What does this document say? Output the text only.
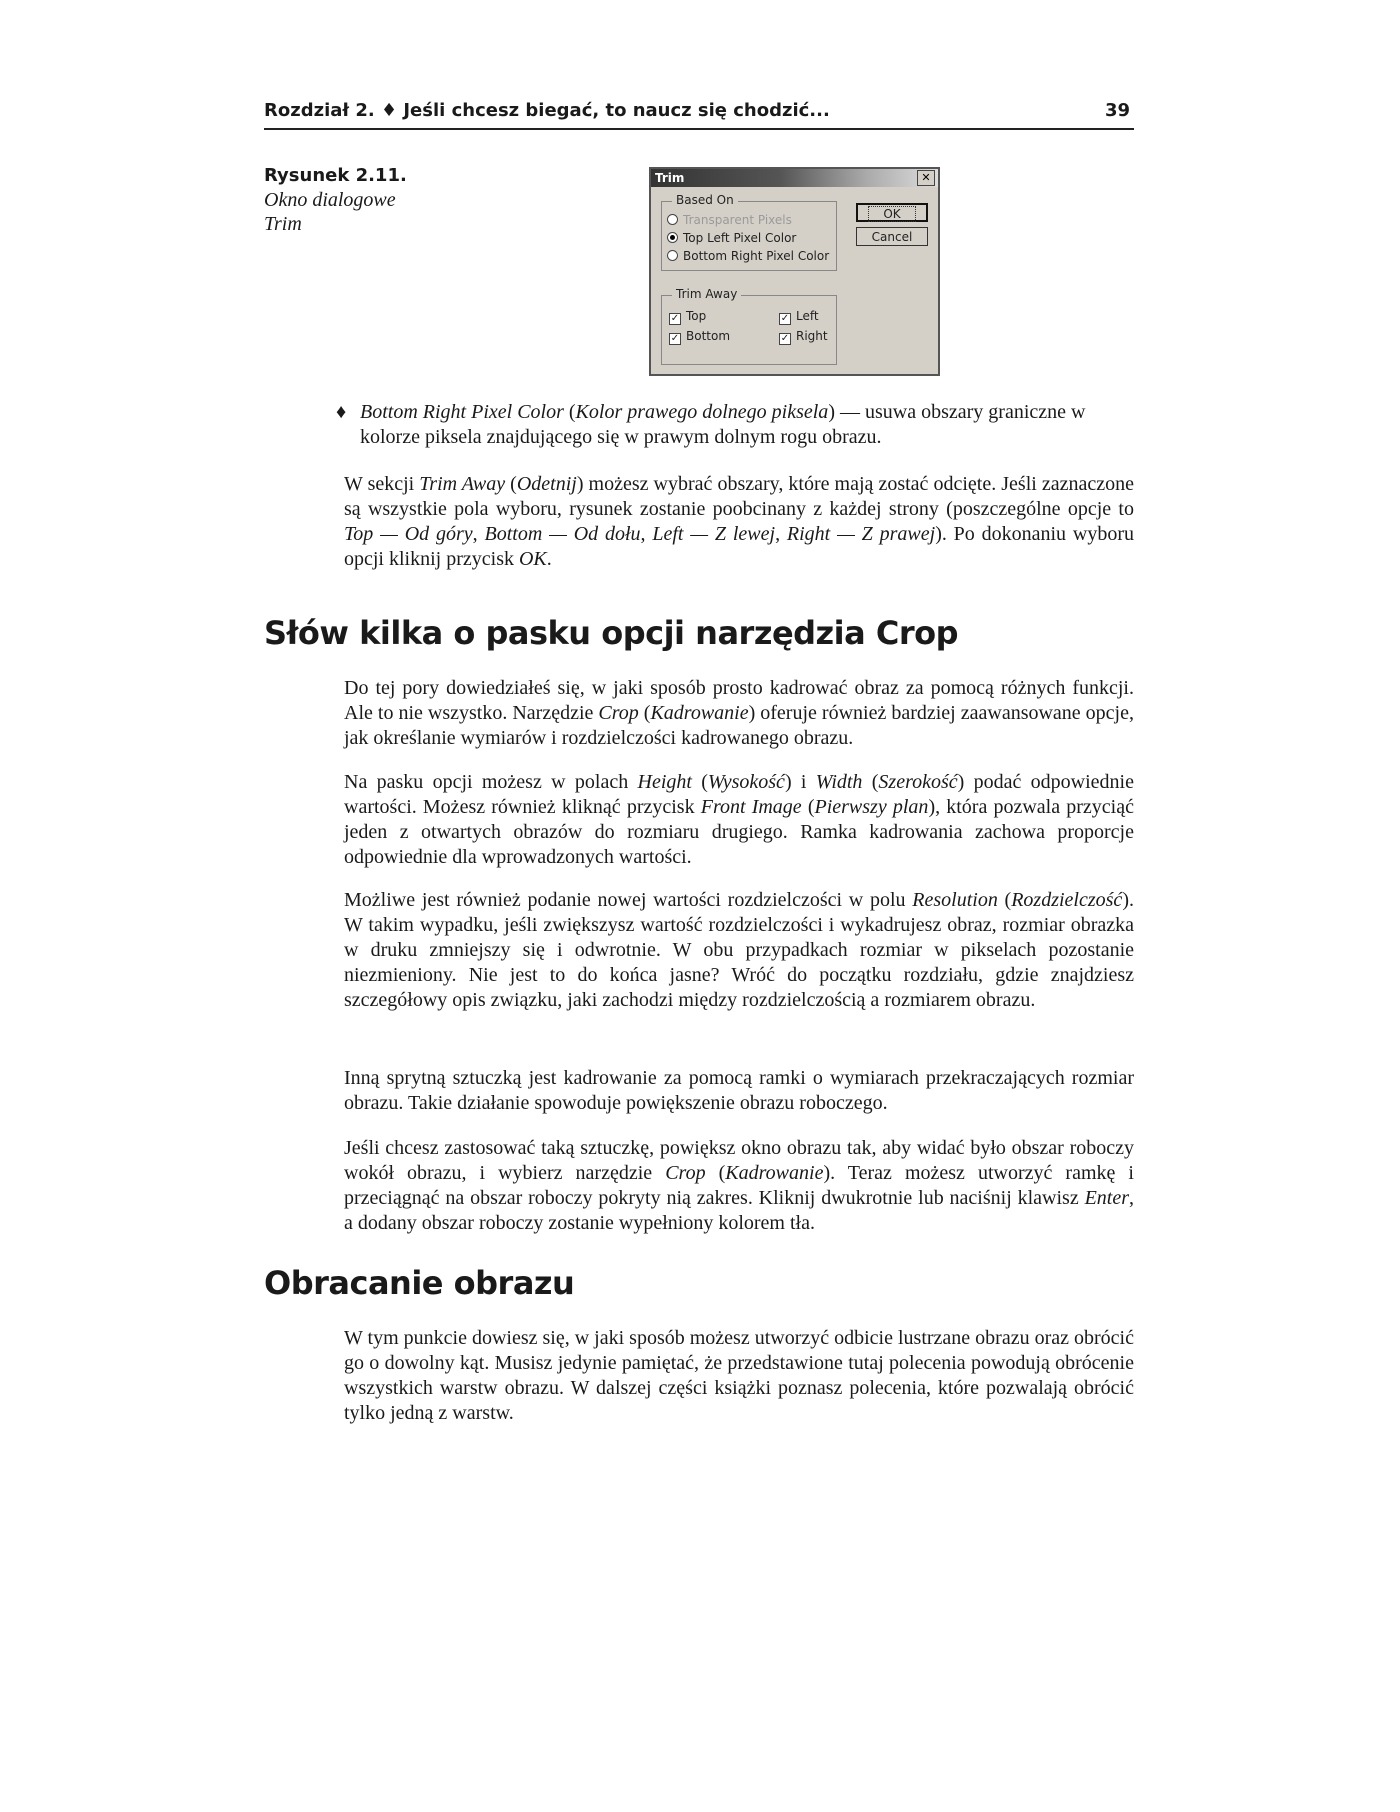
Rozdział 2. ♦ Jeśli chcesz biegać, to naucz się chodzić...	39
Rysunek 2.11.
Okno dialogowe
Trim
Trim	✕
Based On
Transparent Pixels
Top Left Pixel Color
Bottom Right Pixel Color
OK
Cancel
Trim Away
✓ Top
✓ Bottom
✓ Left
✓ Right
♦ Bottom Right Pixel Color (Kolor prawego dolnego piksela) — usuwa obszary graniczne w kolorze piksela znajdującego się w prawym dolnym rogu obrazu.
W sekcji Trim Away (Odetnij) możesz wybrać obszary, które mają zostać odcięte. Jeśli zaznaczone są wszystkie pola wyboru, rysunek zostanie poobcinany z każdej strony (poszczególne opcje to Top — Od góry, Bottom — Od dołu, Left — Z lewej, Right — Z prawej). Po dokonaniu wyboru opcji kliknij przycisk OK.
Słów kilka o pasku opcji narzędzia Crop
Do tej pory dowiedziałeś się, w jaki sposób prosto kadrować obraz za pomocą różnych funkcji. Ale to nie wszystko. Narzędzie Crop (Kadrowanie) oferuje również bardziej zaawansowane opcje, jak określanie wymiarów i rozdzielczości kadrowanego obrazu.
Na pasku opcji możesz w polach Height (Wysokość) i Width (Szerokość) podać odpowiednie wartości. Możesz również kliknąć przycisk Front Image (Pierwszy plan), która pozwala przyciąć jeden z otwartych obrazów do rozmiaru drugiego. Ramka kadrowania zachowa proporcje odpowiednie dla wprowadzonych wartości.
Możliwe jest również podanie nowej wartości rozdzielczości w polu Resolution (Rozdzielczość). W takim wypadku, jeśli zwiększysz wartość rozdzielczości i wykadrujesz obraz, rozmiar obrazka w druku zmniejszy się i odwrotnie. W obu przypadkach rozmiar w pikselach pozostanie niezmieniony. Nie jest to do końca jasne? Wróć do początku rozdziału, gdzie znajdziesz szczegółowy opis związku, jaki zachodzi między rozdzielczością a rozmiarem obrazu.
Inną sprytną sztuczką jest kadrowanie za pomocą ramki o wymiarach przekraczających rozmiar obrazu. Takie działanie spowoduje powiększenie obrazu roboczego.
Jeśli chcesz zastosować taką sztuczkę, powiększ okno obrazu tak, aby widać było obszar roboczy wokół obrazu, i wybierz narzędzie Crop (Kadrowanie). Teraz możesz utworzyć ramkę i przeciągnąć na obszar roboczy pokryty nią zakres. Kliknij dwukrotnie lub naciśnij klawisz Enter, a dodany obszar roboczy zostanie wypełniony kolorem tła.
Obracanie obrazu
W tym punkcie dowiesz się, w jaki sposób możesz utworzyć odbicie lustrzane obrazu oraz obrócić go o dowolny kąt. Musisz jedynie pamiętać, że przedstawione tutaj polecenia powodują obrócenie wszystkich warstw obrazu. W dalszej części książki poznasz polecenia, które pozwalają obrócić tylko jedną z warstw.
